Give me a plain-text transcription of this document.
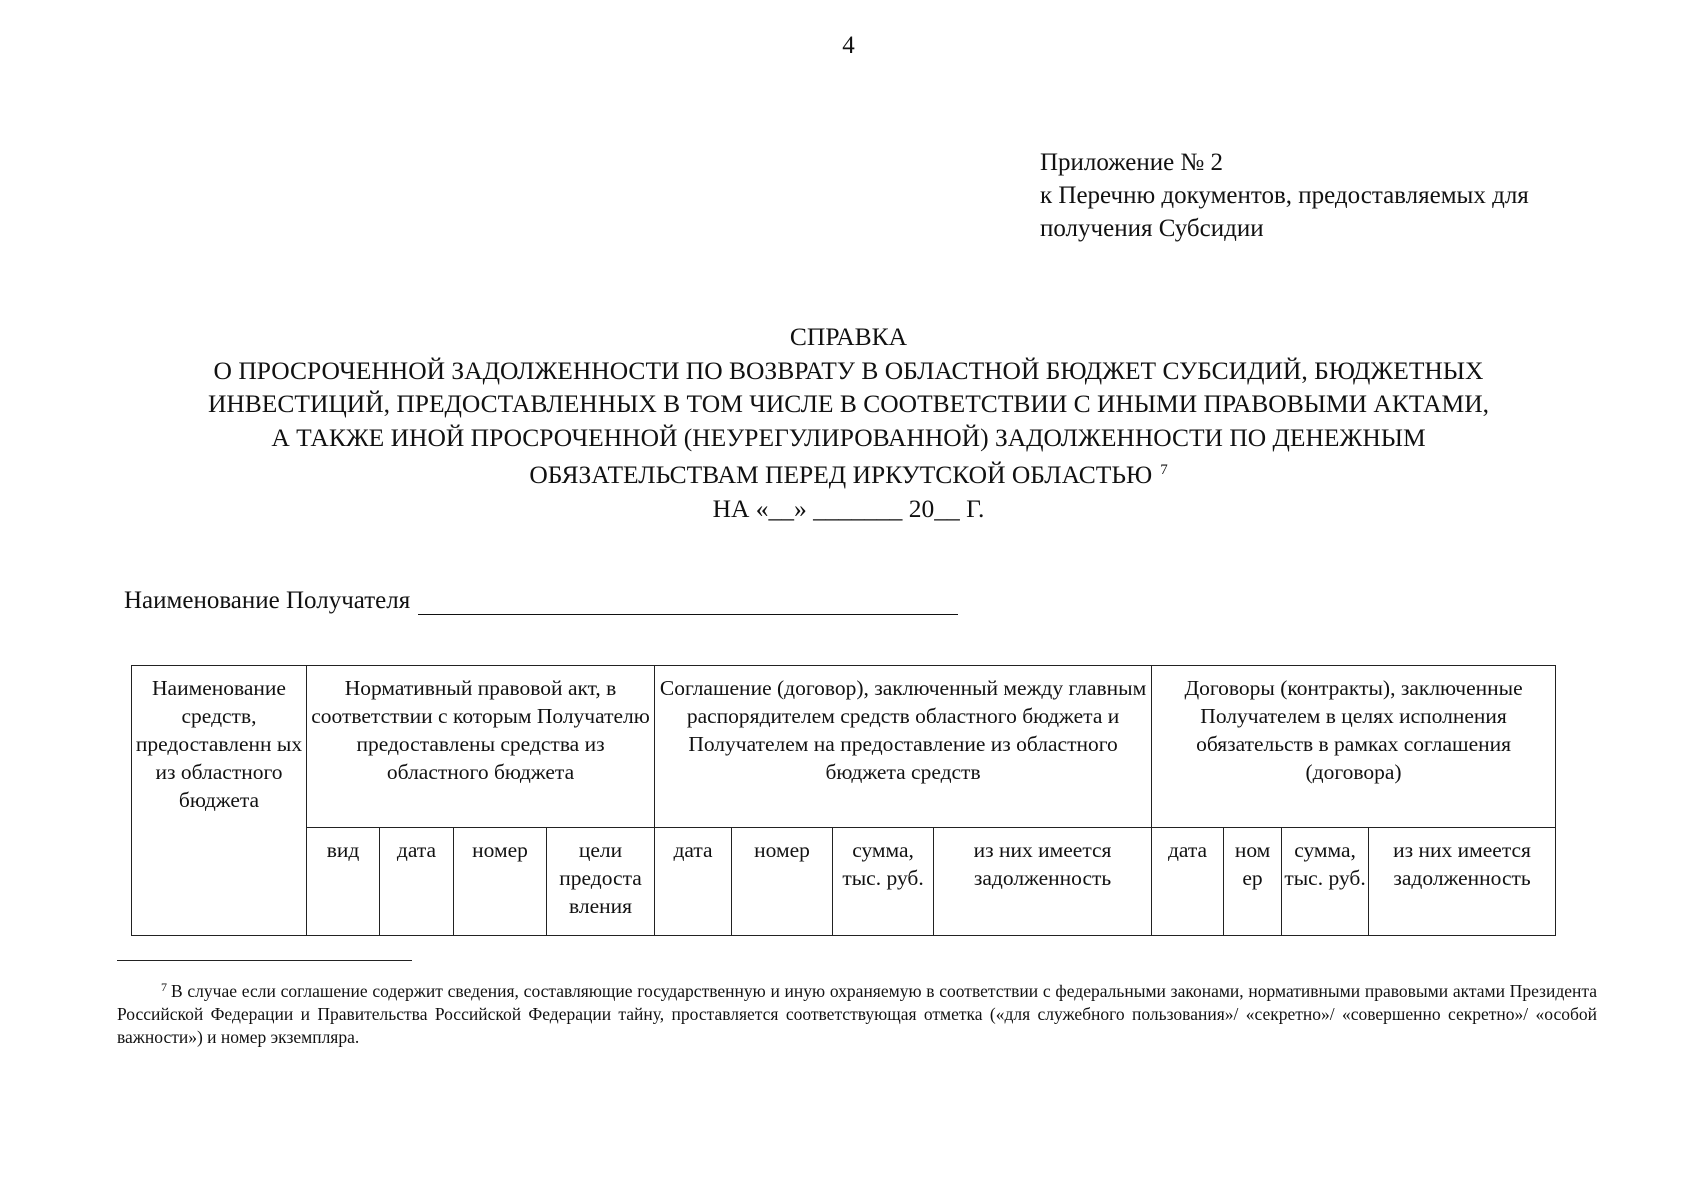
4
Приложение № 2
к Перечню документов, предоставляемых для
получения Субсидии
СПРАВКА
О ПРОСРОЧЕННОЙ ЗАДОЛЖЕННОСТИ ПО ВОЗВРАТУ В ОБЛАСТНОЙ БЮДЖЕТ СУБСИДИЙ, БЮДЖЕТНЫХ
ИНВЕСТИЦИЙ, ПРЕДОСТАВЛЕННЫХ В ТОМ ЧИСЛЕ В СООТВЕТСТВИИ С ИНЫМИ ПРАВОВЫМИ АКТАМИ,
А ТАКЖЕ ИНОЙ ПРОСРОЧЕННОЙ (НЕУРЕГУЛИРОВАННОЙ) ЗАДОЛЖЕННОСТИ ПО ДЕНЕЖНЫМ
ОБЯЗАТЕЛЬСТВАМ ПЕРЕД ИРКУТСКОЙ ОБЛАСТЬЮ $^7$
НА «__» _______ 20__ Г.
Наименование Получателя
Наименование средств, предоставленн ых из областного бюджета	Нормативный правовой акт, в соответствии с которым Получателю предоставлены средства из областного бюджета				Соглашение (договор), заключенный между главным распорядителем средств областного бюджета и Получателем на предоставление из областного бюджета средств				Договоры (контракты), заключенные Получателем в целях исполнения обязательств в рамках соглашения (договора)			
	вид	дата	номер	цели предоста вления	дата	номер	сумма, тыс. руб.	из них имеется задолженность	дата	ном ер	сумма, тыс. руб.	из них имеется задолженность
$^7$ В случае если соглашение содержит сведения, составляющие государственную и иную охраняемую в соответствии с федеральными законами, нормативными правовыми актами Президента Российской Федерации и Правительства Российской Федерации тайну, проставляется соответствующая отметка («для служебного пользования»/ «секретно»/ «совершенно секретно»/ «особой важности») и номер экземпляра.
